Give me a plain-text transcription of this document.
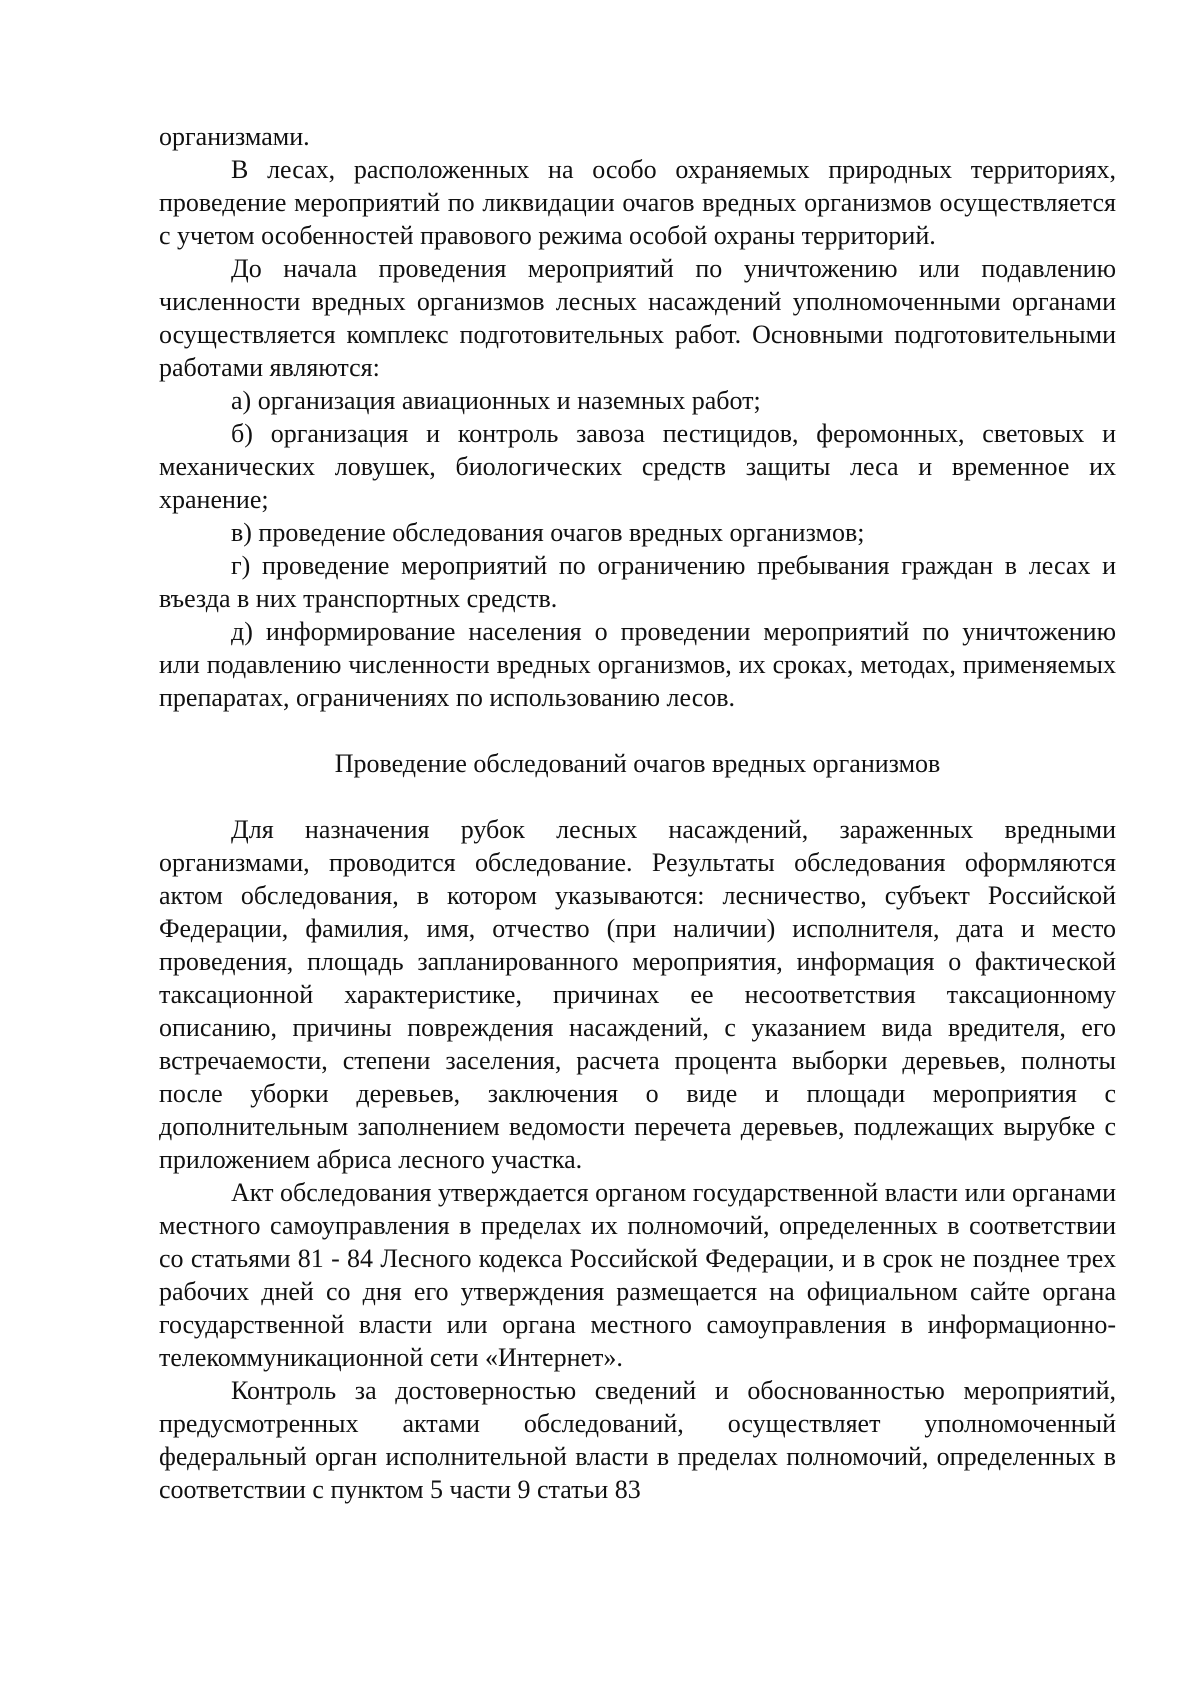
организмами.

В лесах, расположенных на особо охраняемых природных территориях, проведение мероприятий по ликвидации очагов вредных организмов осуществляется с учетом особенностей правового режима особой охраны территорий.

До начала проведения мероприятий по уничтожению или подавлению численности вредных организмов лесных насаждений уполномоченными органами осуществляется комплекс подготовительных работ. Основными подготовительными работами являются:

а) организация авиационных и наземных работ;

б) организация и контроль завоза пестицидов, феромонных, световых и механических ловушек, биологических средств защиты леса и временное их хранение;

в) проведение обследования очагов вредных организмов;

г) проведение мероприятий по ограничению пребывания граждан в лесах и въезда в них транспортных средств.

д) информирование населения о проведении мероприятий по уничтожению или подавлению численности вредных организмов, их сроках, методах, применяемых препаратах, ограничениях по использованию лесов.

Проведение обследований очагов вредных организмов

Для назначения рубок лесных насаждений, зараженных вредными организмами, проводится обследование. Результаты обследования оформляются актом обследования, в котором указываются: лесничество, субъект Российской Федерации, фамилия, имя, отчество (при наличии) исполнителя, дата и место проведения, площадь запланированного мероприятия, информация о фактической таксационной характеристике, причинах ее несоответствия таксационному описанию, причины повреждения насаждений, с указанием вида вредителя, его встречаемости, степени заселения, расчета процента выборки деревьев, полноты после уборки деревьев, заключения о виде и площади мероприятия с дополнительным заполнением ведомости перечета деревьев, подлежащих вырубке с приложением абриса лесного участка.

Акт обследования утверждается органом государственной власти или органами местного самоуправления в пределах их полномочий, определенных в соответствии со статьями 81 - 84 Лесного кодекса Российской Федерации, и в срок не позднее трех рабочих дней со дня его утверждения размещается на официальном сайте органа государственной власти или органа местного самоуправления в информационно-телекоммуникационной сети «Интернет».

Контроль за достоверностью сведений и обоснованностью мероприятий, предусмотренных актами обследований, осуществляет уполномоченный федеральный орган исполнительной власти в пределах полномочий, определенных в соответствии с пунктом 5 части 9 статьи 83
